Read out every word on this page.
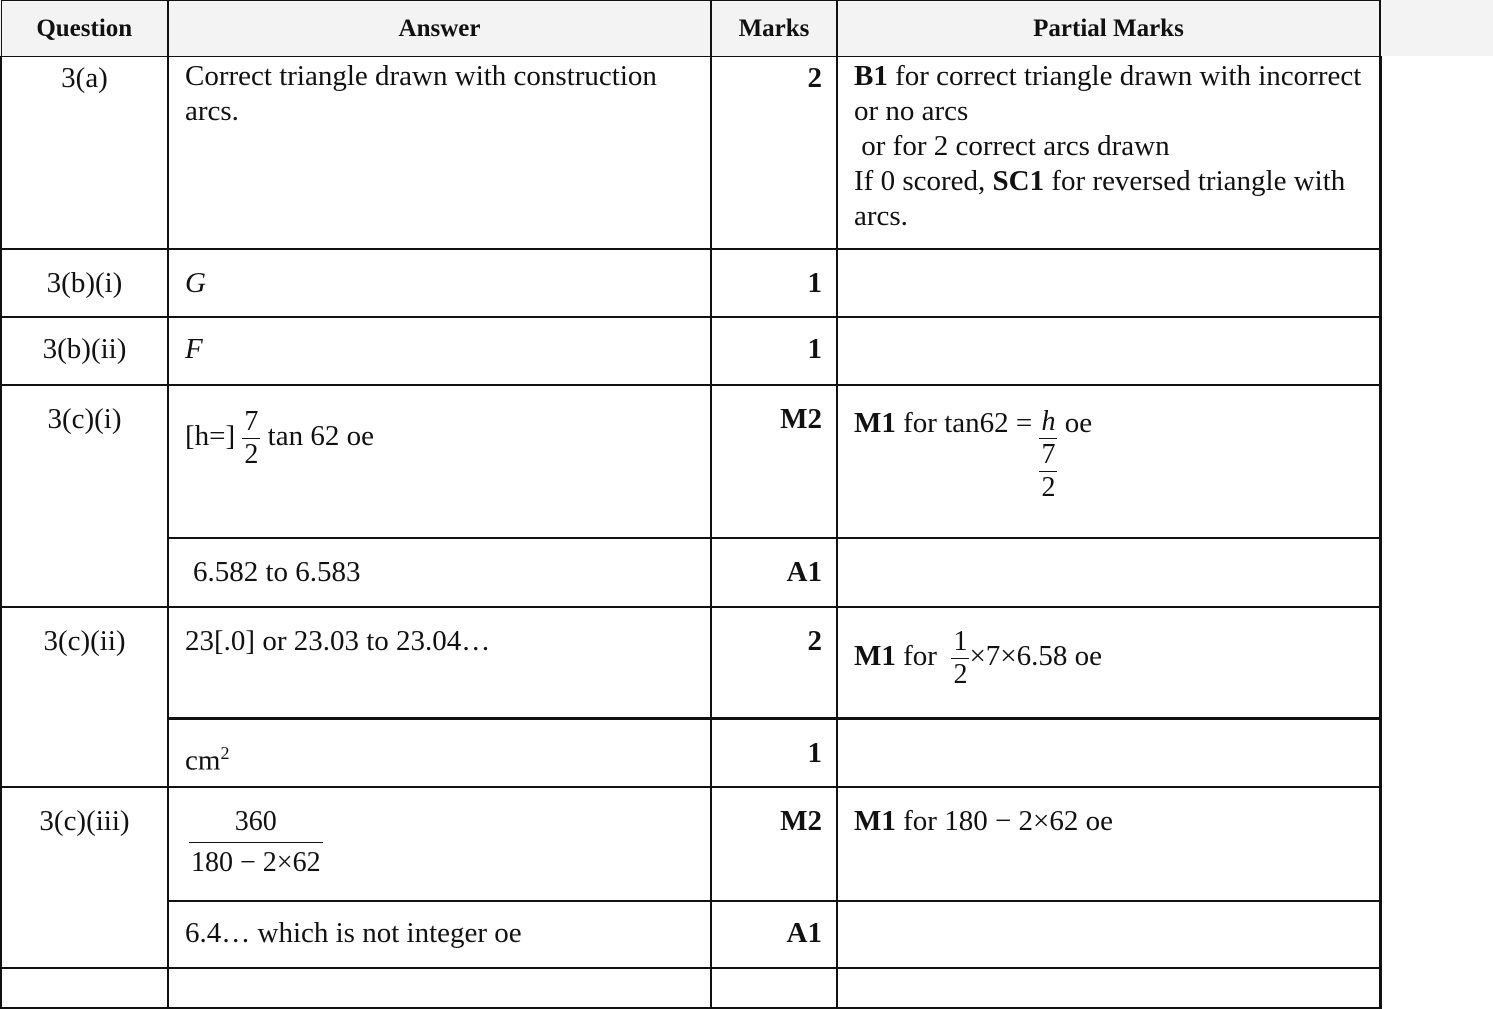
Question	Answer	Marks	Partial Marks
3(a)	Correct triangle drawn with construction arcs.	2	B1 for correct triangle drawn with incorrect or no arcs
or for 2 correct arcs drawn
If 0 scored, SC1 for reversed triangle with arcs.
3(b)(i)	G	1	
3(b)(ii)	F	1	
3(c)(i)	$[h=] \frac{7}{2}$ tan 62 oe	M2	M1 for $\tan 62 = \frac{h}{\frac{7}{2}}$ oe
	6.582 to 6.583	A1	
3(c)(ii)	23[.0] or 23.03 to 23.04…	2	M1 for $\frac{1}{2} \times 7\times 6.58$ oe
	$cm^2$	1	
3(c)(iii)	$\frac{360}{180 - 2\times 62}$	M2	M1 for 180 − 2×62 oe
	6.4… which is not integer oe	A1	
